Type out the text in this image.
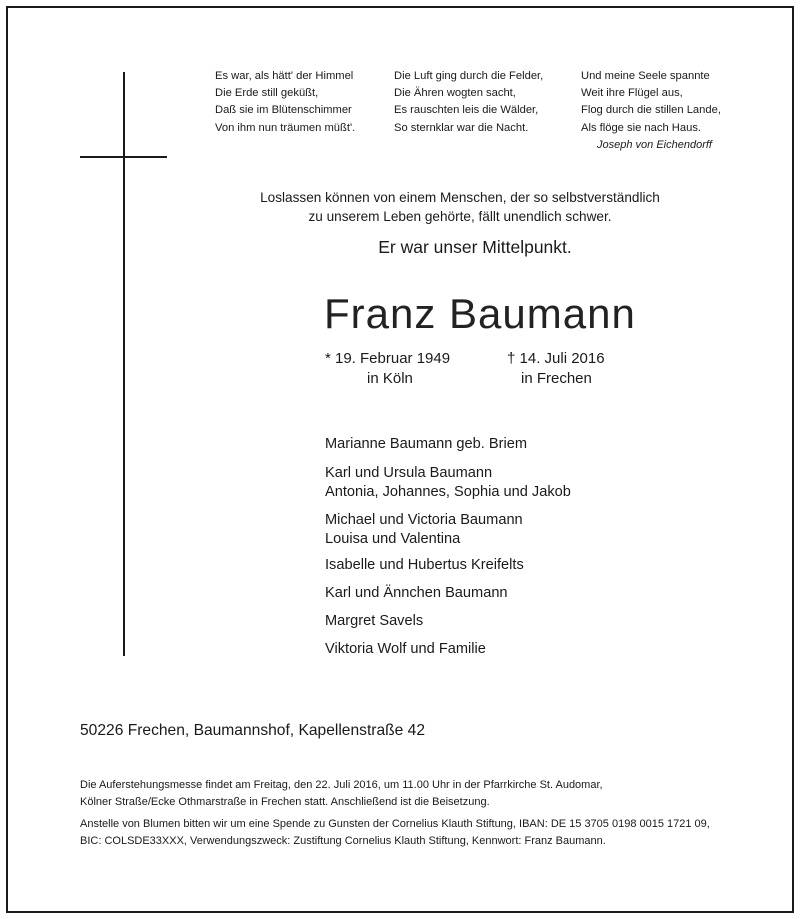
Es war, als hätt' der Himmel
Die Erde still geküßt,
Daß sie im Blütenschimmer
Von ihm nun träumen müßt'.
Die Luft ging durch die Felder,
Die Ähren wogten sacht,
Es rauschten leis die Wälder,
So sternklar war die Nacht.
Und meine Seele spannte
Weit ihre Flügel aus,
Flog durch die stillen Lande,
Als flöge sie nach Haus.
Joseph von Eichendorff
Loslassen können von einem Menschen, der so selbstverständlich
zu unserem Leben gehörte, fällt unendlich schwer.
Er war unser Mittelpunkt.
Franz Baumann
* 19. Februar 1949
in Köln
† 14. Juli 2016
in Frechen
Marianne Baumann geb. Briem
Karl und Ursula Baumann
Antonia, Johannes, Sophia und Jakob
Michael und Victoria Baumann
Louisa und Valentina
Isabelle und Hubertus Kreifelts
Karl und Ännchen Baumann
Margret Savels
Viktoria Wolf und Familie
50226 Frechen, Baumannshof, Kapellenstraße 42
Die Auferstehungsmesse findet am Freitag, den 22. Juli 2016, um 11.00 Uhr in der Pfarrkirche St. Audomar,
Kölner Straße/Ecke Othmarstraße in Frechen statt. Anschließend ist die Beisetzung.
Anstelle von Blumen bitten wir um eine Spende zu Gunsten der Cornelius Klauth Stiftung, IBAN: DE 15 3705 0198 0015 1721 09,
BIC: COLSDE33XXX, Verwendungszweck: Zustiftung Cornelius Klauth Stiftung, Kennwort: Franz Baumann.
